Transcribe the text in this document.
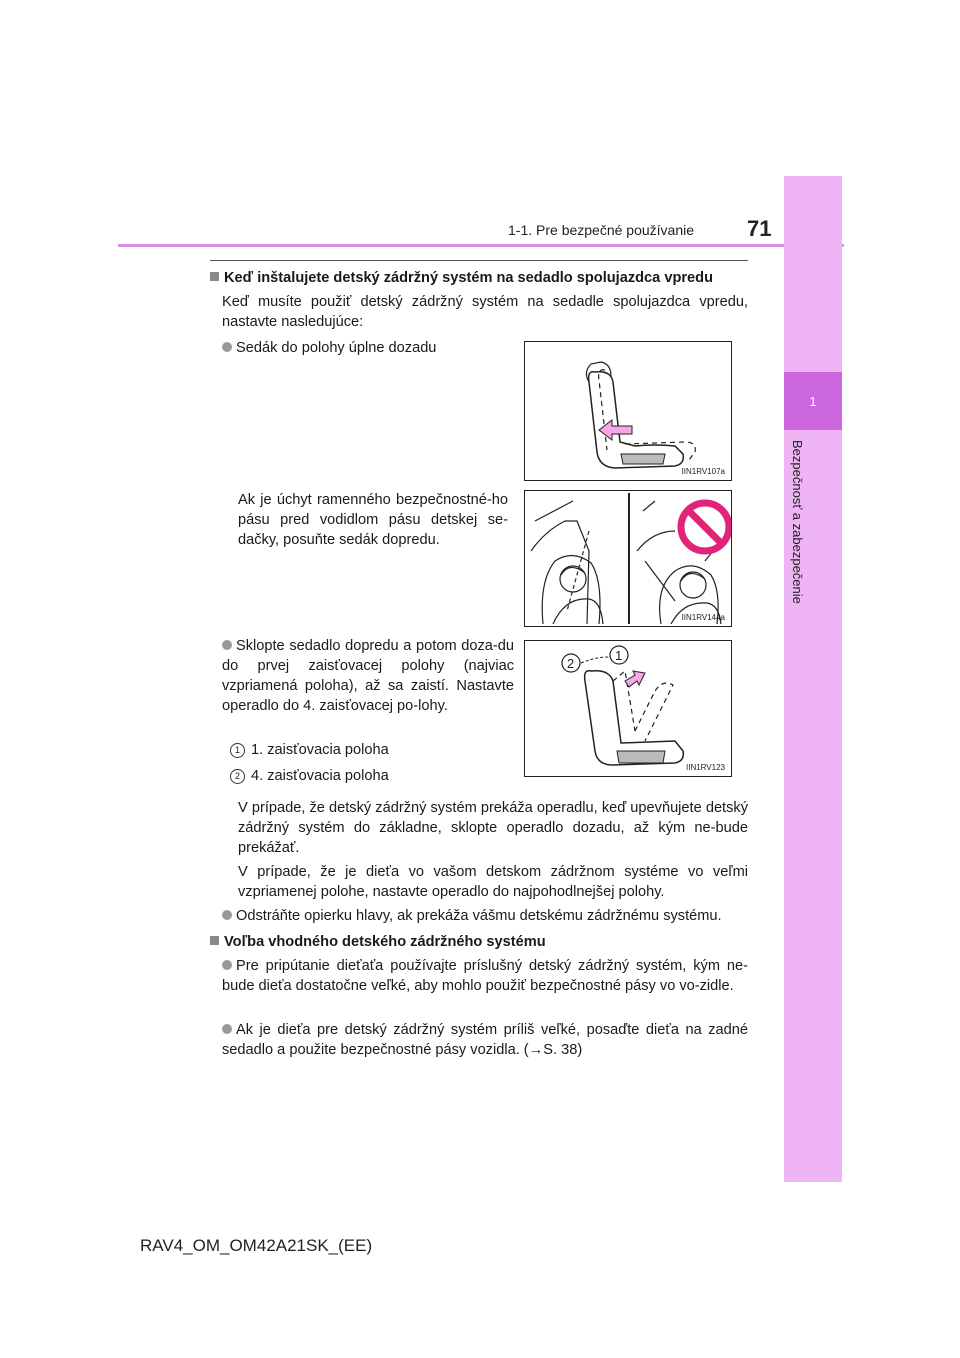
1-1. Pre bezpečné používanie 71
1
Bezpečnosť a zabezpečenie
Keď inštalujete detský zádržný systém na sedadlo spolujazdca vpredu
Keď musíte použiť detský zádržný systém na sedadle spolujazdca vpredu, nastavte nasledujúce:
Sedák do polohy úplne dozadu
IIN1RV107a
Ak je úchyt ramenného bezpečnostné-ho pásu pred vodidlom pásu detskej se-dačky, posuňte sedák dopredu.
IIN1RV144a
Sklopte sedadlo dopredu a potom doza-du do prvej zaisťovacej polohy (najviac vzpriamená poloha), až sa zaistí. Nastavte operadlo do 4. zaisťovacej po-lohy.
1 1. zaisťovacia poloha
2 4. zaisťovacia poloha
2
1
IIN1RV123
V prípade, že detský zádržný systém prekáža operadlu, keď upevňujete detský zádržný systém do základne, sklopte operadlo dozadu, až kým ne-bude prekážať.
V prípade, že je dieťa vo vašom detskom zádržnom systéme vo veľmi vzpriamenej polohe, nastavte operadlo do najpohodlnejšej polohy.
Odstráňte opierku hlavy, ak prekáža vášmu detskému zádržnému systému.
Voľba vhodného detského zádržného systému
Pre pripútanie dieťaťa používajte príslušný detský zádržný systém, kým ne-bude dieťa dostatočne veľké, aby mohlo použiť bezpečnostné pásy vo vo-zidle.
Ak je dieťa pre detský zádržný systém príliš veľké, posaďte dieťa na zadné sedadlo a použite bezpečnostné pásy vozidla. (→S. 38)
RAV4_OM_OM42A21SK_(EE)
